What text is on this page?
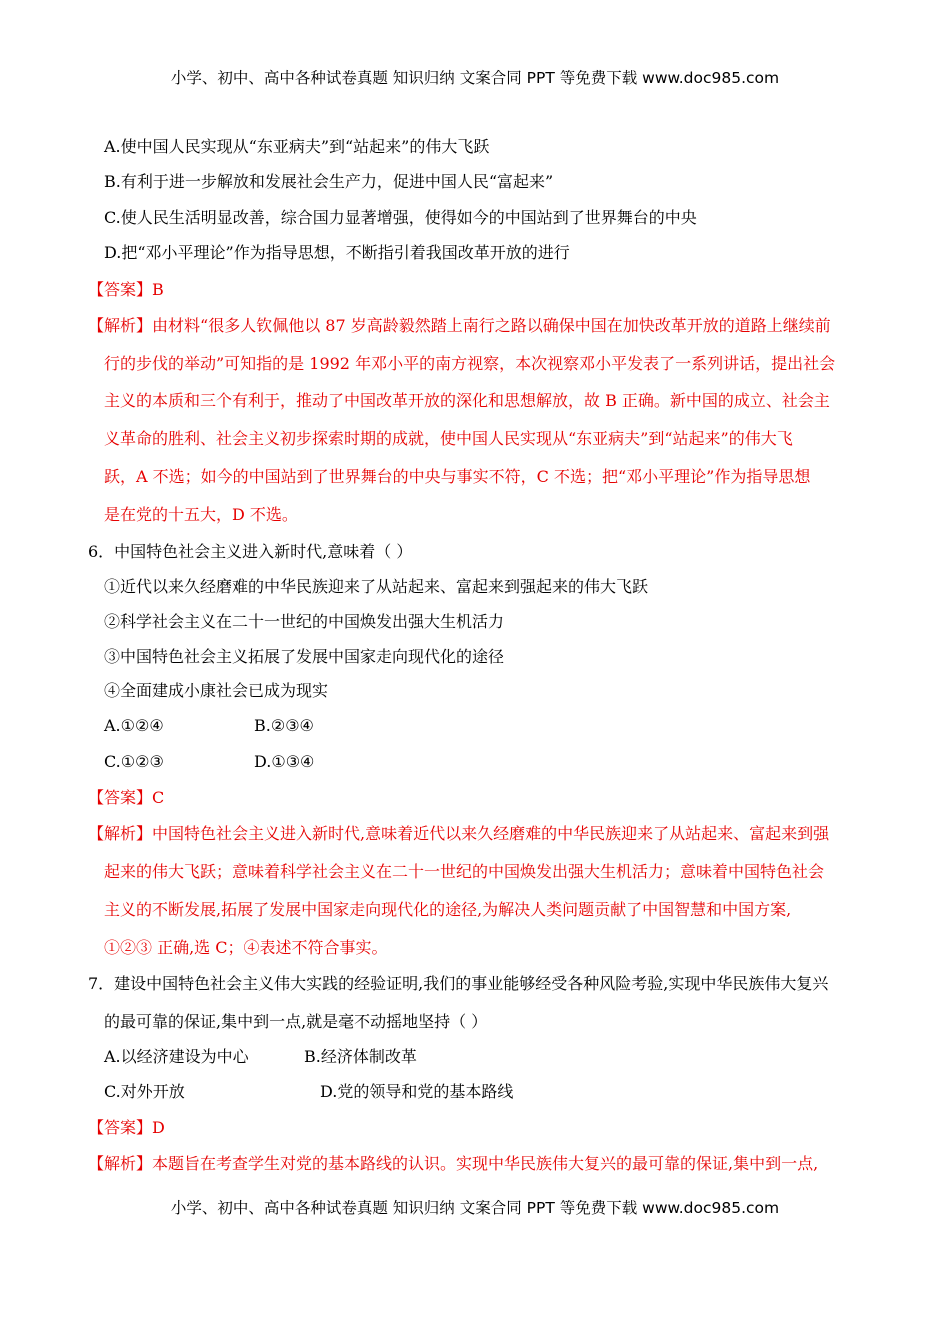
小学、初中、高中各种试卷真题 知识归纳 文案合同 PPT 等免费下载 www.doc985.com
A.使中国人民实现从“东亚病夫”到“站起来”的伟大飞跃
B.有利于进一步解放和发展社会生产力，促进中国人民“富起来”
C.使人民生活明显改善，综合国力显著增强，使得如今的中国站到了世界舞台的中央
D.把“邓小平理论”作为指导思想，不断指引着我国改革开放的进行
【答案】B
【解析】由材料“很多人钦佩他以 87 岁高龄毅然踏上南行之路以确保中国在加快改革开放的道路上继续前
行的步伐的举动”可知指的是 1992 年邓小平的南方视察，本次视察邓小平发表了一系列讲话，提出社会
主义的本质和三个有利于，推动了中国改革开放的深化和思想解放，故 B 正确。新中国的成立、社会主
义革命的胜利、社会主义初步探索时期的成就，使中国人民实现从“东亚病夫”到“站起来”的伟大飞
跃，A 不选；如今的中国站到了世界舞台的中央与事实不符，C 不选；把“邓小平理论”作为指导思想
是在党的十五大，D 不选。
6．中国特色社会主义进入新时代,意味着（ ）
①近代以来久经磨难的中华民族迎来了从站起来、富起来到强起来的伟大飞跃
②科学社会主义在二十一世纪的中国焕发出强大生机活力
③中国特色社会主义拓展了发展中国家走向现代化的途径
④全面建成小康社会已成为现实
A.①②④	B.②③④
C.①②③	D.①③④
【答案】C
【解析】中国特色社会主义进入新时代,意味着近代以来久经磨难的中华民族迎来了从站起来、富起来到强
起来的伟大飞跃；意味着科学社会主义在二十一世纪的中国焕发出强大生机活力；意味着中国特色社会
主义的不断发展,拓展了发展中国家走向现代化的途径,为解决人类问题贡献了中国智慧和中国方案,
①②③ 正确,选 C；④表述不符合事实。
7．建设中国特色社会主义伟大实践的经验证明,我们的事业能够经受各种风险考验,实现中华民族伟大复兴
的最可靠的保证,集中到一点,就是毫不动摇地坚持（ ）
A.以经济建设为中心	B.经济体制改革
C.对外开放	D.党的领导和党的基本路线
【答案】D
【解析】本题旨在考查学生对党的基本路线的认识。实现中华民族伟大复兴的最可靠的保证,集中到一点,
小学、初中、高中各种试卷真题 知识归纳 文案合同 PPT 等免费下载 www.doc985.com
